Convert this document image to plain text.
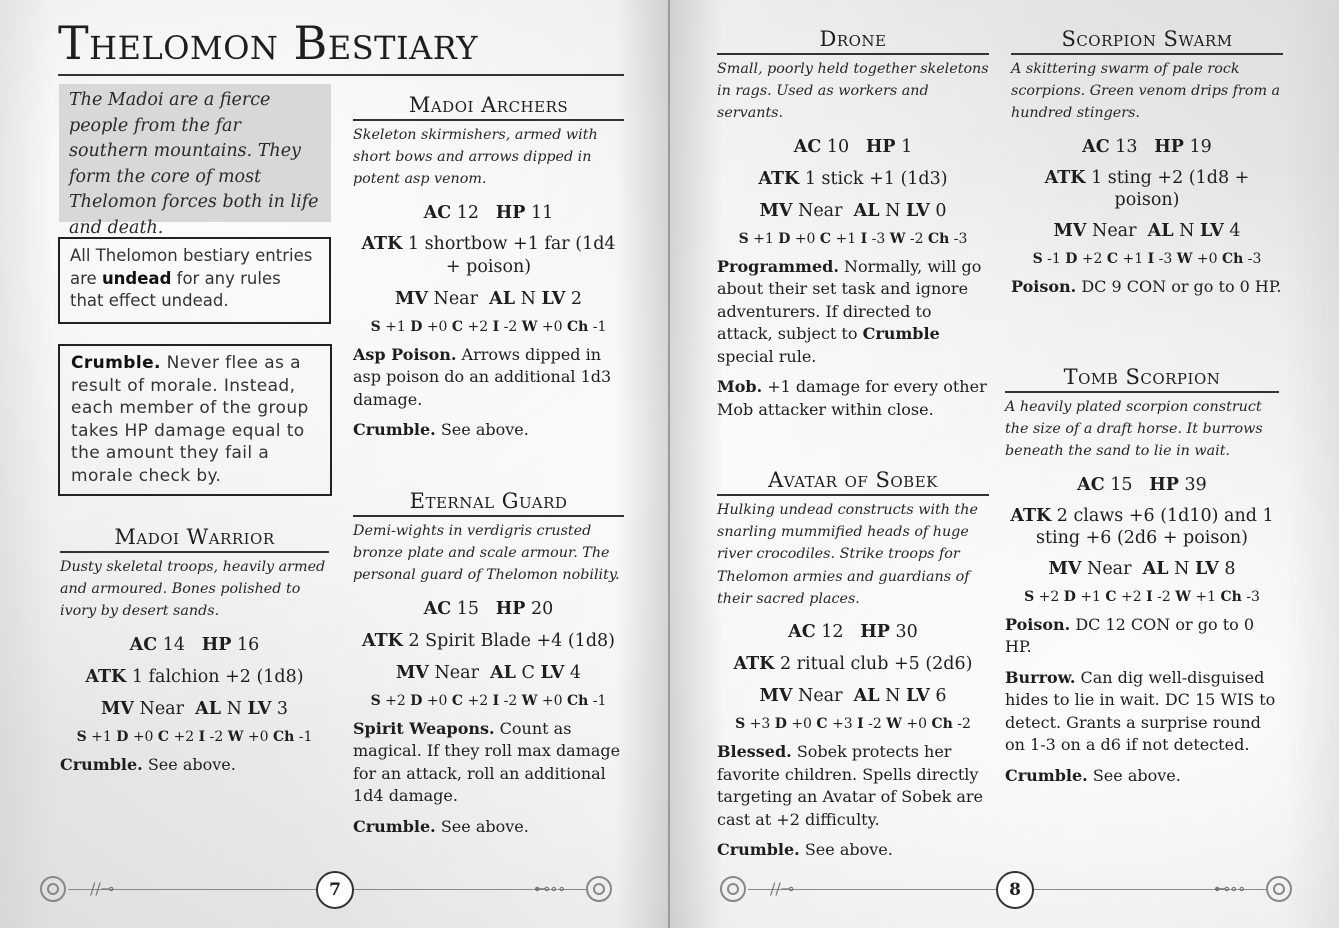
Thelomon Bestiary
The Madoi are a fierce people from the far southern mountains. They form the core of most Thelomon forces both in life and death.
All Thelomon bestiary entries are undead for any rules that effect undead.
Crumble. Never flee as a result of morale. Instead, each member of the group takes HP damage equal to the amount they fail a morale check by.
Madoi Archers

Skeleton skirmishers, armed with short bows and arrows dipped in potent asp venom.

AC 12 HP 11
ATK 1 shortbow +1 far (1d4 + poison)
MV Near AL N LV 2
S +1 D +0 C +2 I -2 W +0 Ch -1

Asp Poison. Arrows dipped in asp poison do an additional 1d3 damage.

Crumble. See above.

Eternal Guard

Demi-wights in verdigris crusted bronze plate and scale armour. The personal guard of Thelomon nobility.

AC 15 HP 20
ATK 2 Spirit Blade +4 (1d8)
MV Near AL C LV 4
S +2 D +0 C +2 I -2 W +0 Ch -1

Spirit Weapons. Count as magical. If they roll max damage for an attack, roll an additional 1d4 damage.

Crumble. See above.

Madoi Warrior

Dusty skeletal troops, heavily armed and armoured. Bones polished to ivory by desert sands.

AC 14 HP 16
ATK 1 falchion +2 (1d8)
MV Near AL N LV 3
S +1 D +0 C +2 I -2 W +0 Ch -1

Crumble. See above.

//⊸	7	⊷∘∘
Drone

Small, poorly held together skeletons in rags. Used as workers and servants.

AC 10 HP 1
ATK 1 stick +1 (1d3)
MV Near AL N LV 0
S +1 D +0 C +1 I -3 W -2 Ch -3

Programmed. Normally, will go about their set task and ignore adventurers. If directed to attack, subject to Crumble special rule.

Mob. +1 damage for every other Mob attacker within close.

Avatar of Sobek

Hulking undead constructs with the snarling mummified heads of huge river crocodiles. Strike troops for Thelomon armies and guardians of their sacred places.

AC 12 HP 30
ATK 2 ritual club +5 (2d6)
MV Near AL N LV 6
S +3 D +0 C +3 I -2 W +0 Ch -2

Blessed. Sobek protects her favorite children. Spells directly targeting an Avatar of Sobek are cast at +2 difficulty.

Crumble. See above.

Scorpion Swarm

A skittering swarm of pale rock scorpions. Green venom drips from a hundred stingers.

AC 13 HP 19
ATK 1 sting +2 (1d8 + poison)
MV Near AL N LV 4
S -1 D +2 C +1 I -3 W +0 Ch -3

Poison. DC 9 CON or go to 0 HP.

Tomb Scorpion

A heavily plated scorpion construct the size of a draft horse. It burrows beneath the sand to lie in wait.

AC 15 HP 39
ATK 2 claws +6 (1d10) and 1 sting +6 (2d6 + poison)
MV Near AL N LV 8
S +2 D +1 C +2 I -2 W +1 Ch -3

Poison. DC 12 CON or go to 0 HP.

Burrow. Can dig well-disguised hides to lie in wait. DC 15 WIS to detect. Grants a surprise round on 1-3 on a d6 if not detected.

Crumble. See above.

//⊸	8	⊷∘∘
